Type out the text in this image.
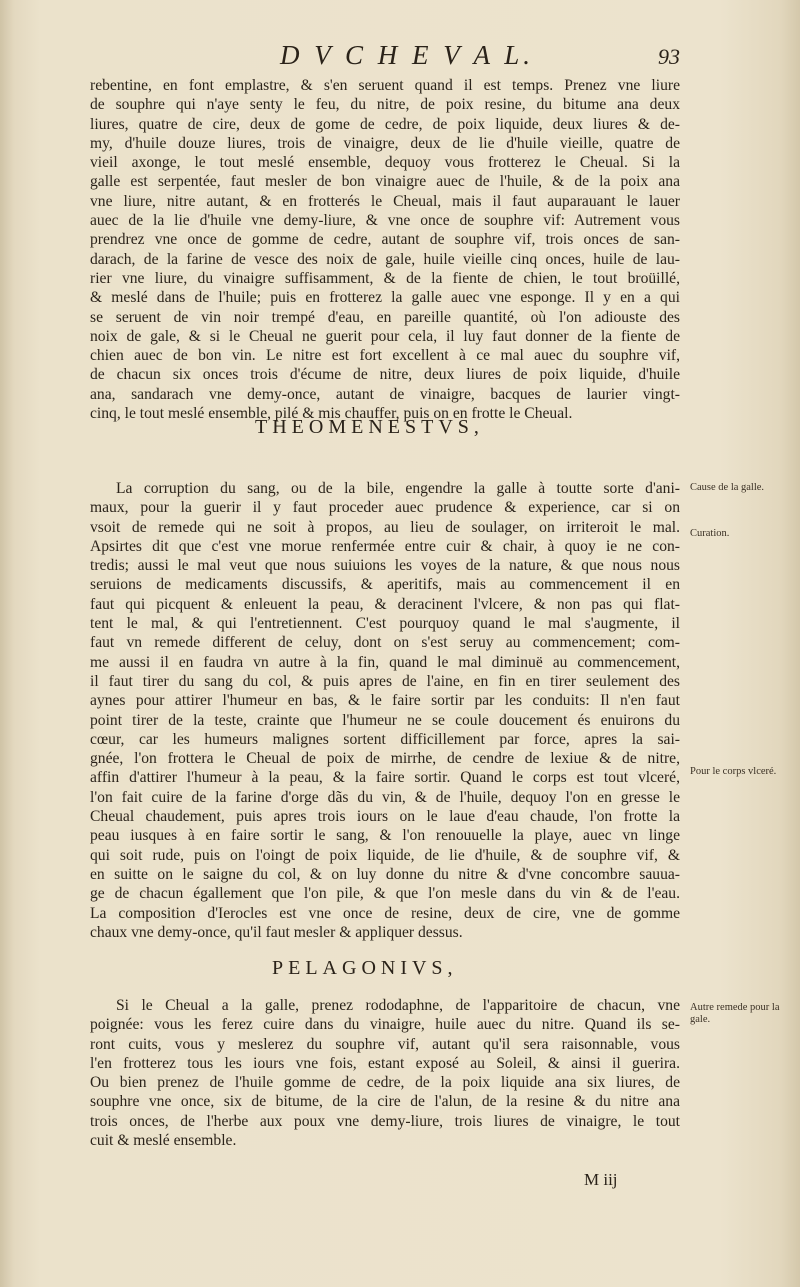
D V C H E V A L.	93
rebentine, en font emplastre, & s'en seruent quand il est temps. Prenez vne liure
de souphre qui n'aye senty le feu, du nitre, de poix resine, du bitume ana deux
liures, quatre de cire, deux de gome de cedre, de poix liquide, deux liures & de-
my, d'huile douze liures, trois de vinaigre, deux de lie d'huile vieille, quatre de
vieil axonge, le tout meslé ensemble, dequoy vous frotterez le Cheual. Si la
galle est serpentée, faut mesler de bon vinaigre auec de l'huile, & de la poix ana
vne liure, nitre autant, & en frotterés le Cheual, mais il faut auparauant le lauer
auec de la lie d'huile vne demy-liure, & vne once de souphre vif: Autrement vous
prendrez vne once de gomme de cedre, autant de souphre vif, trois onces de san-
darach, de la farine de vesce des noix de gale, huile vieille cinq onces, huile de lau-
rier vne liure, du vinaigre suffisamment, & de la fiente de chien, le tout broüillé,
& meslé dans de l'huile; puis en frotterez la galle auec vne esponge. Il y en a qui
se seruent de vin noir trempé d'eau, en pareille quantité, où l'on adiouste des
noix de gale, & si le Cheual ne guerit pour cela, il luy faut donner de la fiente de
chien auec de bon vin. Le nitre est fort excellent à ce mal auec du souphre vif,
de chacun six onces trois d'écume de nitre, deux liures de poix liquide, d'huile
ana, sandarach vne demy-once, autant de vinaigre, bacques de laurier vingt-
cinq, le tout meslé ensemble, pilé & mis chauffer, puis on en frotte le Cheual.
THEOMENESTVS,
La corruption du sang, ou de la bile, engendre la galle à toutte sorte d'ani-
maux, pour la guerir il y faut proceder auec prudence & experience, car si on
vsoit de remede qui ne soit à propos, au lieu de soulager, on irriteroit le mal.
Apsirtes dit que c'est vne morue renfermée entre cuir & chair, à quoy ie ne con-
tredis; aussi le mal veut que nous suiuions les voyes de la nature, & que nous nous
seruions de medicaments discussifs, & aperitifs, mais au commencement il en
faut qui picquent & enleuent la peau, & deracinent l'vlcere, & non pas qui flat-
tent le mal, & qui l'entretiennent. C'est pourquoy quand le mal s'augmente, il
faut vn remede different de celuy, dont on s'est seruy au commencement; com-
me aussi il en faudra vn autre à la fin, quand le mal diminuë au commencement,
il faut tirer du sang du col, & puis apres de l'aine, en fin en tirer seulement des
aynes pour attirer l'humeur en bas, & le faire sortir par les conduits: Il n'en faut
point tirer de la teste, crainte que l'humeur ne se coule doucement és enuirons du
cœur, car les humeurs malignes sortent difficillement par force, apres la sai-
gnée, l'on frottera le Cheual de poix de mirrhe, de cendre de lexiue & de nitre,
affin d'attirer l'humeur à la peau, & la faire sortir. Quand le corps est tout vlceré,
l'on fait cuire de la farine d'orge dãs du vin, & de l'huile, dequoy l'on en gresse le
Cheual chaudement, puis apres trois iours on le laue d'eau chaude, l'on frotte la
peau iusques à en faire sortir le sang, & l'on renouuelle la playe, auec vn linge
qui soit rude, puis on l'oingt de poix liquide, de lie d'huile, & de souphre vif, &
en suitte on le saigne du col, & on luy donne du nitre & d'vne concombre sauua-
ge de chacun égallement que l'on pile, & que l'on mesle dans du vin & de l'eau.
La composition d'Ierocles est vne once de resine, deux de cire, vne de gomme
chaux vne demy-once, qu'il faut mesler & appliquer dessus.
PELAGONIVS,
Si le Cheual a la galle, prenez rododaphne, de l'apparitoire de chacun, vne
poignée: vous les ferez cuire dans du vinaigre, huile auec du nitre. Quand ils se-
ront cuits, vous y meslerez du souphre vif, autant qu'il sera raisonnable, vous
l'en frotterez tous les iours vne fois, estant exposé au Soleil, & ainsi il guerira.
Ou bien prenez de l'huile gomme de cedre, de la poix liquide ana six liures, de
souphre vne once, six de bitume, de la cire de l'alun, de la resine & du nitre ana
trois onces, de l'herbe aux poux vne demy-liure, trois liures de vinaigre, le tout
cuit & meslé ensemble.
Cause de la galle.
Curation.
Pour le corps vlceré.
Autre remede pour la gale.
M iij
